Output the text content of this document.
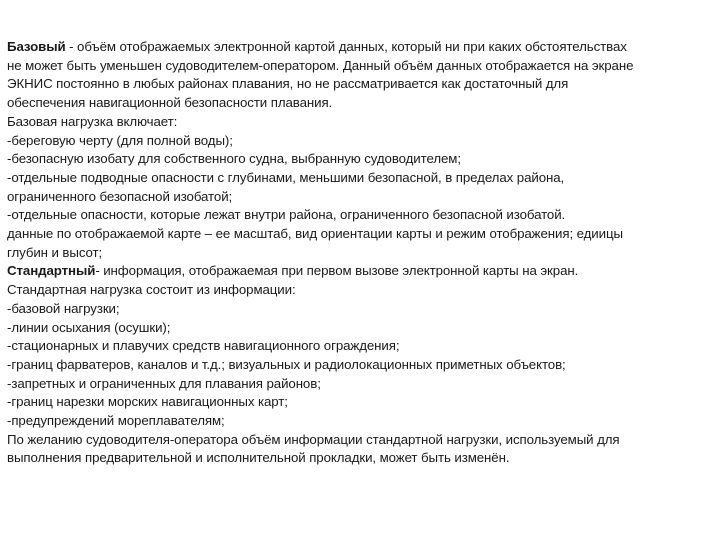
Базовый - объём отображаемых электронной картой данных, который ни при каких обстоятельствах
не может быть уменьшен судоводителем-оператором. Данный объём данных отображается на экране
ЭКНИС постоянно в любых районах плавания, но не рассматривается как достаточный для
обеспечения навигационной безопасности плавания.
Базовая нагрузка включает:
-береговую черту (для полной воды);
-безопасную изобату для собственного судна, выбранную судоводителем;
-отдельные подводные опасности с глубинами, меньшими безопасной, в пределах района,
ограниченного безопасной изобатой;
-отдельные опасности, которые лежат внутри района, ограниченного безопасной изобатой.
данные по отображаемой карте – ее масштаб, вид ориентации карты и режим отображения; едиицы
глубин и высот;
Стандартный- информация, отображаемая при первом вызове электронной карты на экран.
Стандартная нагрузка состоит из информации:
-базовой нагрузки;
-линии осыхания (осушки);
-стационарных и плавучих средств навигационного ограждения;
-границ фарватеров, каналов и т.д.; визуальных и радиолокационных приметных объектов;
-запретных и ограниченных для плавания районов;
-границ нарезки морских навигационных карт;
-предупреждений мореплавателям;
По желанию судоводителя-оператора объём информации стандартной нагрузки, используемый для
выполнения предварительной и исполнительной прокладки, может быть изменён.
